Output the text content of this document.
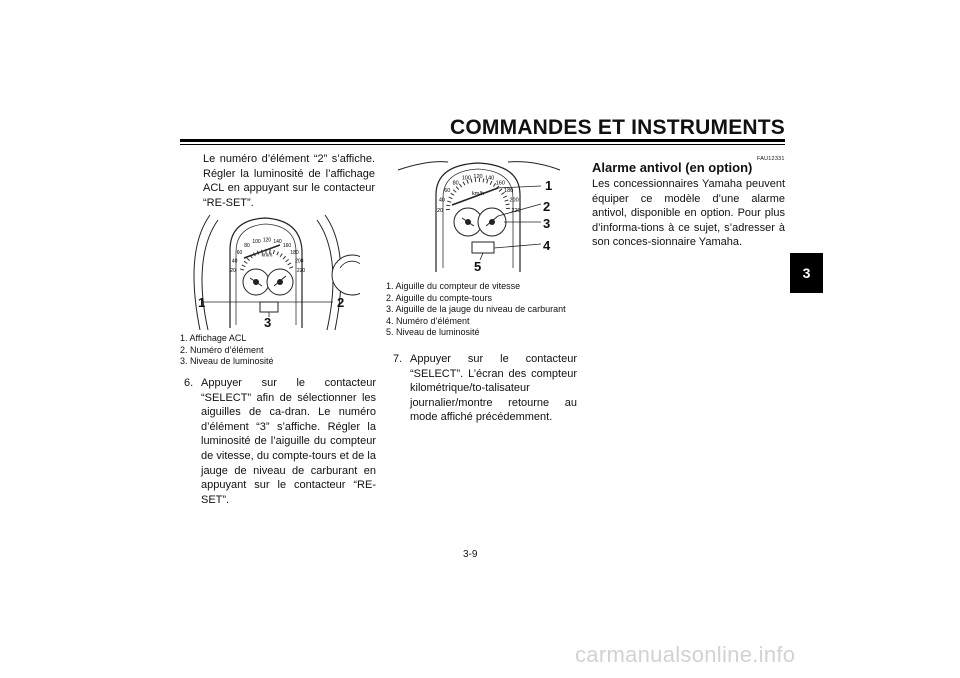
COMMANDES ET INSTRUMENTS
3
Le numéro d’élément “2” s’affiche. Régler la luminosité de l’affichage ACL en appuyant sur le contacteur “RE-SET”.
20
40
60
80
100 120 140
160
180
200
220
km/h
1	2
3
1. Affichage ACL
2. Numéro d’élément
3. Niveau de luminosité
6. Appuyer sur le contacteur “SELECT” afin de sélectionner les aiguilles de ca-dran. Le numéro d’élément “3” s’affiche. Régler la luminosité de l’aiguille du compteur de vitesse, du compte-tours et de la jauge de niveau de carburant en appuyant sur le contacteur “RE-SET”.
20
40
60
80
100 120 140
160
180
200
220
km/h
1
2
3
4
5
1. Aiguille du compteur de vitesse
2. Aiguille du compte-tours
3. Aiguille de la jauge du niveau de carburant
4. Numéro d’élément
5. Niveau de luminosité
7. Appuyer sur le contacteur “SELECT”. L’écran des compteur kilométrique/to-talisateur journalier/montre retourne au mode affiché précédemment.
FAU12331
Alarme antivol (en option)
Les concessionnaires Yamaha peuvent équiper ce modèle d’une alarme antivol, disponible en option. Pour plus d’informa-tions à ce sujet, s’adresser à son conces-sionnaire Yamaha.
3-9
carmanualsonline.info
